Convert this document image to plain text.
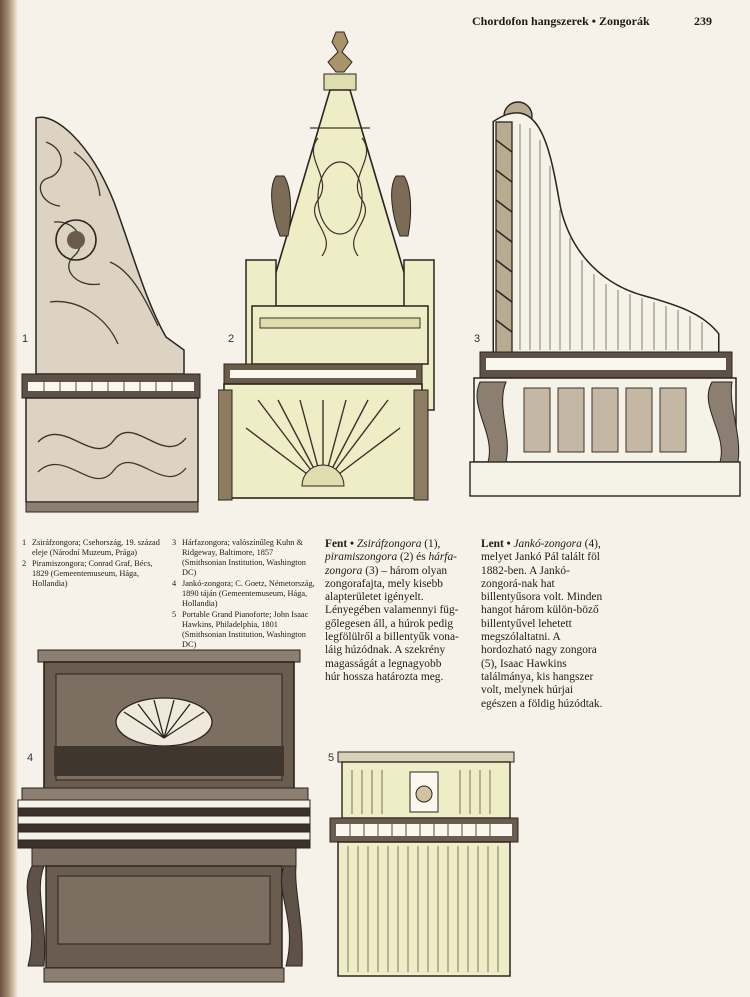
Chordofon hangszerek • Zongorák	239
1	2	3
4	5
1 Zsiráfzongora; Csehország, 19. század eleje (Národní Muzeum, Prága)
2 Piramiszongora; Conrad Graf, Bécs, 1829 (Gemeentemuseum, Hága, Hollandia)
3 Hárfazongora; valószínűleg Kuhn & Ridgeway, Baltimore, 1857 (Smithsonian Institution, Washington DC)
4 Jankó-zongora; C. Goetz, Németország, 1890 táján (Gemeentemuseum, Hága, Hollandia)
5 Portable Grand Pianoforte; John Isaac Hawkins, Philadelphia, 1801 (Smithsonian Institution, Washington DC)
Fent • Zsiráfzongora (1), piramiszongora (2) és hárfa-zongora (3) – három olyan zongorafajta, mely kisebb alapterületet igényelt. Lényegében valamennyi füg-gőlegesen áll, a húrok pedig legfölülről a billentyűk vona-láig húzódnak. A szekrény magasságát a legnagyobb húr hossza határozta meg.
Lent • Jankó-zongora (4), melyet Jankó Pál talált föl 1882-ben. A Jankó-zongorá-nak hat billentyűsora volt. Minden hangot három külön-böző billentyűvel lehetett megszólaltatni. A hordozható nagy zongora (5), Isaac Hawkins találmánya, kis hangszer volt, melynek húrjai egészen a földig húzódtak.
